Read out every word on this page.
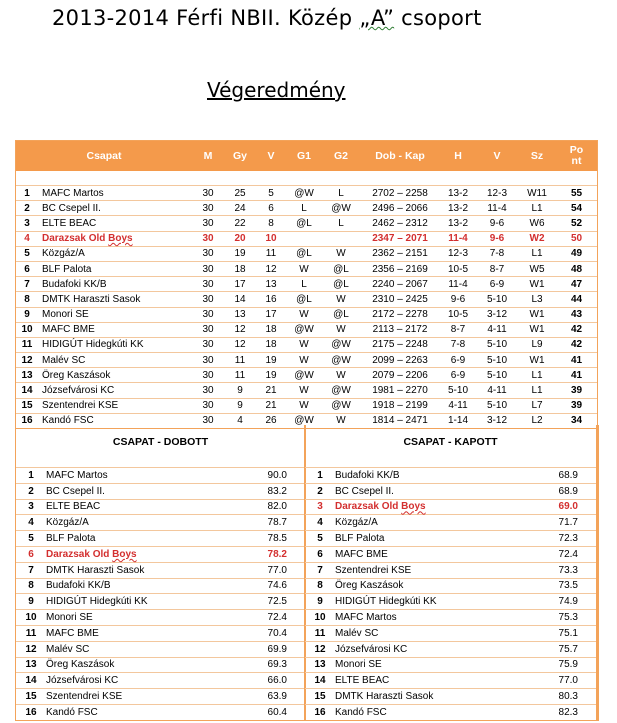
2013-2014 Férfi NBII. Közép „A” csoport
Végeredmény
Csapat		M	Gy	V	G1	G2	Dob - Kap	H	V	Sz	Po
nt

1	MAFC Martos	30	25	5	@W	L	2702 – 2258	13-2	12-3	W11	55
2	BC Csepel II.	30	24	6	L	@W	2496 – 2066	13-2	11-4	L1	54
3	ELTE BEAC	30	22	8	@L	L	2462 – 2312	13-2	9-6	W6	52
4	Darazsak Old Boys	30	20	10			2347 – 2071	11-4	9-6	W2	50
5	Közgáz/A	30	19	11	@L	W	2362 – 2151	12-3	7-8	L1	49
6	BLF Palota	30	18	12	W	@L	2356 – 2169	10-5	8-7	W5	48
7	Budafoki KK/B	30	17	13	L	@L	2240 – 2067	11-4	6-9	W1	47
8	DMTK Haraszti Sasok	30	14	16	@L	W	2310 – 2425	9-6	5-10	L3	44
9	Monori SE	30	13	17	W	@L	2172 – 2278	10-5	3-12	W1	43
10	MAFC BME	30	12	18	@W	W	2113 – 2172	8-7	4-11	W1	42
11	HIDIGÚT Hidegkúti KK	30	12	18	W	@W	2175 – 2248	7-8	5-10	L9	42
12	Malév SC	30	11	19	W	@W	2099 – 2263	6-9	5-10	W1	41
13	Öreg Kaszások	30	11	19	@W	W	2079 – 2206	6-9	5-10	L1	41
14	Józsefvárosi KC	30	9	21	W	@W	1981 – 2270	5-10	4-11	L1	39
15	Szentendrei KSE	30	9	21	W	@W	1918 – 2199	4-11	5-10	L7	39
16	Kandó FSC	30	4	26	@W	W	1814 – 2471	1-14	3-12	L2	34
CSAPAT - DOBOTT

1	MAFC Martos	90.0
2	BC Csepel II.	83.2
3	ELTE BEAC	82.0
4	Közgáz/A	78.7
5	BLF Palota	78.5
6	Darazsak Old Boys	78.2
7	DMTK Haraszti Sasok	77.0
8	Budafoki KK/B	74.6
9	HIDIGÚT Hidegkúti KK	72.5
10	Monori SE	72.4
11	MAFC BME	70.4
12	Malév SC	69.9
13	Öreg Kaszások	69.3
14	Józsefvárosi KC	66.0
15	Szentendrei KSE	63.9
16	Kandó FSC	60.4
CSAPAT - KAPOTT

1	Budafoki KK/B	68.9
2	BC Csepel II.	68.9
3	Darazsak Old Boys	69.0
4	Közgáz/A	71.7
5	BLF Palota	72.3
6	MAFC BME	72.4
7	Szentendrei KSE	73.3
8	Öreg Kaszások	73.5
9	HIDIGÚT Hidegkúti KK	74.9
10	MAFC Martos	75.3
11	Malév SC	75.1
12	Józsefvárosi KC	75.7
13	Monori SE	75.9
14	ELTE BEAC	77.0
15	DMTK Haraszti Sasok	80.3
16	Kandó FSC	82.3
